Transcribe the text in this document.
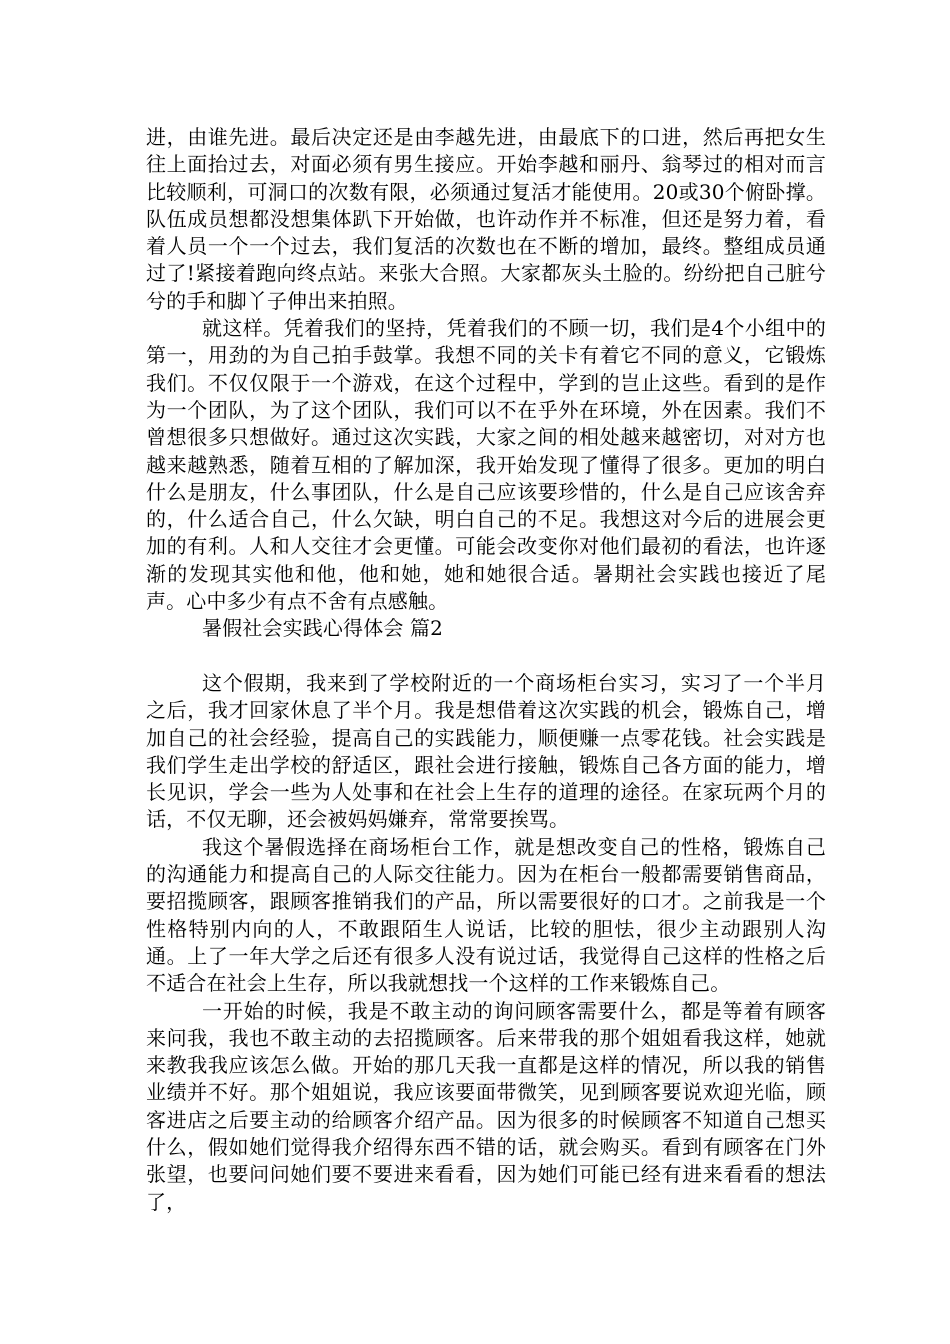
进，由谁先进。最后决定还是由李越先进，由最底下的口进，然后再把女生往上面抬过去，对面必须有男生接应。开始李越和丽丹、翁琴过的相对而言比较顺利，可洞口的次数有限，必须通过复活才能使用。20或30个俯卧撑。队伍成员想都没想集体趴下开始做，也许动作并不标准，但还是努力着，看着人员一个一个过去，我们复活的次数也在不断的增加，最终。整组成员通过了!紧接着跑向终点站。来张大合照。大家都灰头土脸的。纷纷把自己脏兮兮的手和脚丫子伸出来拍照。

就这样。凭着我们的坚持，凭着我们的不顾一切，我们是4个小组中的第一，用劲的为自己拍手鼓掌。我想不同的关卡有着它不同的意义，它锻炼我们。不仅仅限于一个游戏，在这个过程中，学到的岂止这些。看到的是作为一个团队，为了这个团队，我们可以不在乎外在环境，外在因素。我们不曾想很多只想做好。通过这次实践，大家之间的相处越来越密切，对对方也越来越熟悉，随着互相的了解加深，我开始发现了懂得了很多。更加的明白什么是朋友，什么事团队，什么是自己应该要珍惜的，什么是自己应该舍弃的，什么适合自己，什么欠缺，明白自己的不足。我想这对今后的进展会更加的有利。人和人交往才会更懂。可能会改变你对他们最初的看法，也许逐渐的发现其实他和他，他和她，她和她很合适。暑期社会实践也接近了尾声。心中多少有点不舍有点感触。

暑假社会实践心得体会 篇2

这个假期，我来到了学校附近的一个商场柜台实习，实习了一个半月之后，我才回家休息了半个月。我是想借着这次实践的机会，锻炼自己，增加自己的社会经验，提高自己的实践能力，顺便赚一点零花钱。社会实践是我们学生走出学校的舒适区，跟社会进行接触，锻炼自己各方面的能力，增长见识，学会一些为人处事和在社会上生存的道理的途径。在家玩两个月的话，不仅无聊，还会被妈妈嫌弃，常常要挨骂。

我这个暑假选择在商场柜台工作，就是想改变自己的性格，锻炼自己的沟通能力和提高自己的人际交往能力。因为在柜台一般都需要销售商品，要招揽顾客，跟顾客推销我们的产品，所以需要很好的口才。之前我是一个性格特别内向的人，不敢跟陌生人说话，比较的胆怯，很少主动跟别人沟通。上了一年大学之后还有很多人没有说过话，我觉得自己这样的性格之后不适合在社会上生存，所以我就想找一个这样的工作来锻炼自己。

一开始的时候，我是不敢主动的询问顾客需要什么，都是等着有顾客来问我，我也不敢主动的去招揽顾客。后来带我的那个姐姐看我这样，她就来教我我应该怎么做。开始的那几天我一直都是这样的情况，所以我的销售业绩并不好。那个姐姐说，我应该要面带微笑，见到顾客要说欢迎光临，顾客进店之后要主动的给顾客介绍产品。因为很多的时候顾客不知道自己想买什么，假如她们觉得我介绍得东西不错的话，就会购买。看到有顾客在门外张望，也要问问她们要不要进来看看，因为她们可能已经有进来看看的想法了，
